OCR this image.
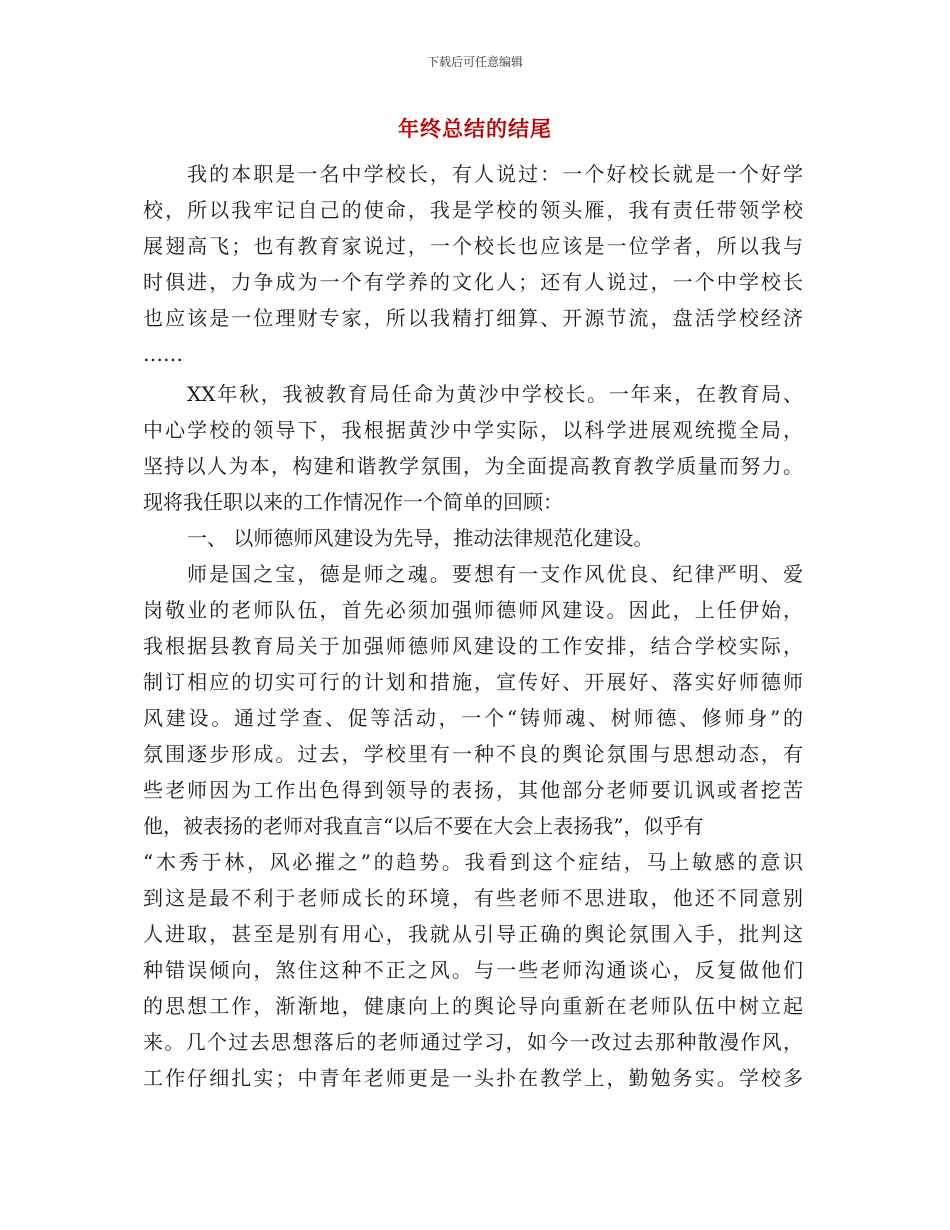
下载后可任意编辑
年终总结的结尾
我的本职是一名中学校长，有人说过：一个好校长就是一个好学
校，所以我牢记自己的使命，我是学校的领头雁，我有责任带领学校
展翅高飞；也有教育家说过，一个校长也应该是一位学者，所以我与
时俱进，力争成为一个有学养的文化人；还有人说过，一个中学校长
也应该是一位理财专家，所以我精打细算、开源节流，盘活学校经济
……
XX年秋，我被教育局任命为黄沙中学校长。一年来，在教育局、
中心学校的领导下，我根据黄沙中学实际，以科学进展观统揽全局，
坚持以人为本，构建和谐教学氛围，为全面提高教育教学质量而努力。
现将我任职以来的工作情况作一个简单的回顾：
一、 以师德师风建设为先导，推动法律规范化建设。
师是国之宝，德是师之魂。要想有一支作风优良、纪律严明、爱
岗敬业的老师队伍，首先必须加强师德师风建设。因此，上任伊始，
我根据县教育局关于加强师德师风建设的工作安排，结合学校实际，
制订相应的切实可行的计划和措施，宣传好、开展好、落实好师德师
风建设。通过学查、促等活动，一个“铸师魂、树师德、修师身”的
氛围逐步形成。过去，学校里有一种不良的舆论氛围与思想动态，有
些老师因为工作出色得到领导的表扬，其他部分老师要讥讽或者挖苦
他，被表扬的老师对我直言“以后不要在大会上表扬我”，似乎有
“木秀于林，风必摧之”的趋势。我看到这个症结，马上敏感的意识
到这是最不利于老师成长的环境，有些老师不思进取，他还不同意别
人进取，甚至是别有用心，我就从引导正确的舆论氛围入手，批判这
种错误倾向，煞住这种不正之风。与一些老师沟通谈心，反复做他们
的思想工作，渐渐地，健康向上的舆论导向重新在老师队伍中树立起
来。几个过去思想落后的老师通过学习，如今一改过去那种散漫作风，
工作仔细扎实；中青年老师更是一头扑在教学上，勤勉务实。学校多
